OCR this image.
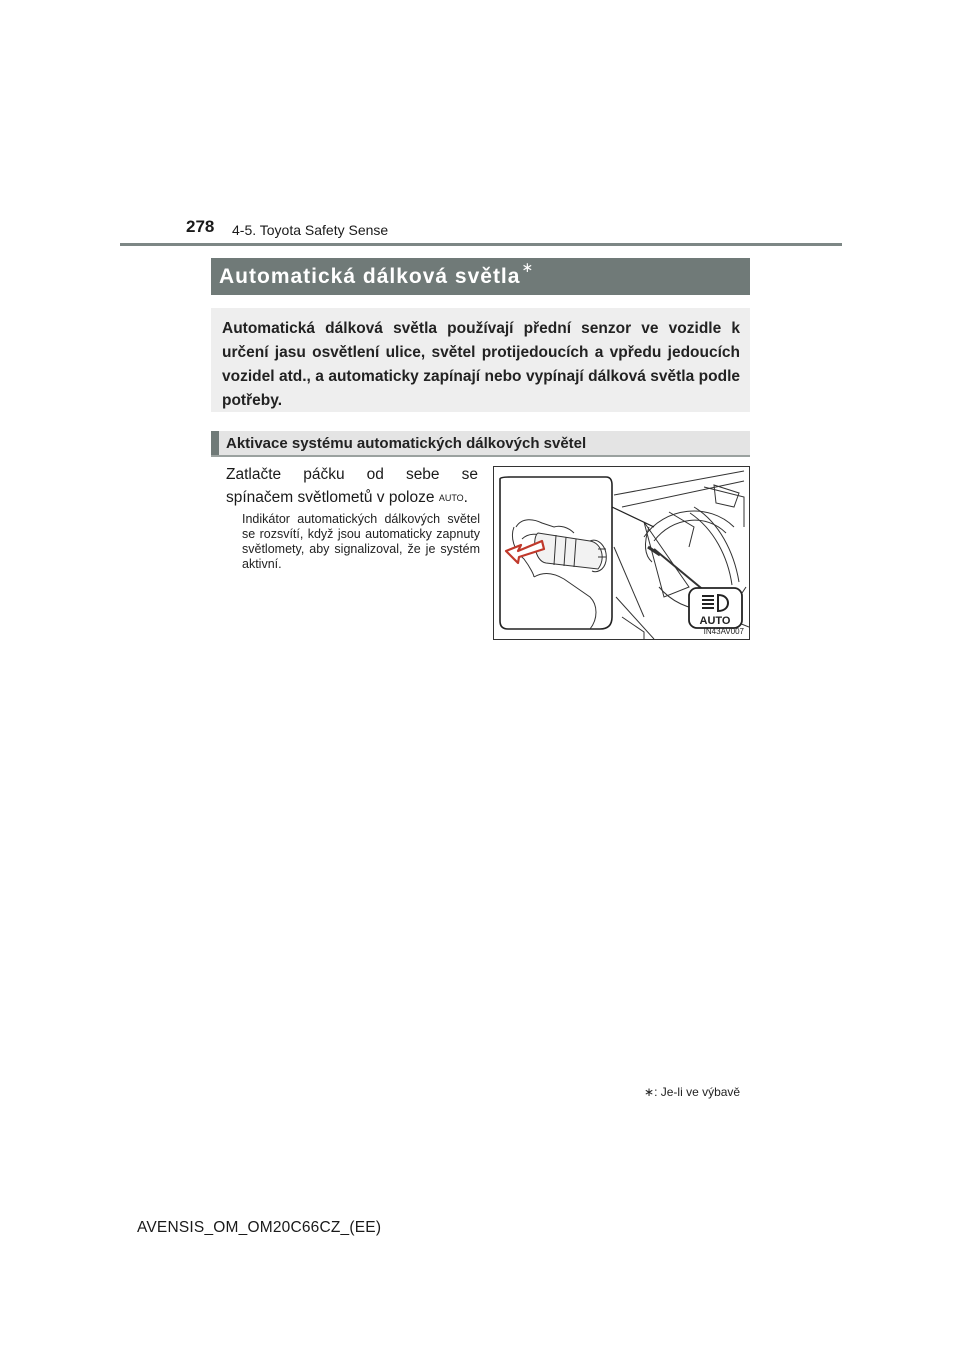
278 4-5. Toyota Safety Sense
Automatická dálková světla∗

Automatická dálková světla používají přední senzor ve vozidle k určení jasu osvětlení ulice, světel protijedoucích a vpředu jedoucích vozidel atd., a automaticky zapínají nebo vypínají dálková světla podle potřeby.

Aktivace systému automatických dálkových světel
Zatlačte páčku od sebe se spínačem světlometů v poloze AUTO.
Indikátor automatických dálkových světel se rozsvítí, když jsou automaticky zapnuty světlomety, aby signalizoval, že je systém aktivní.
AUTO
IN43AV007
∗: Je-li ve výbavě
AVENSIS_OM_OM20C66CZ_(EE)
